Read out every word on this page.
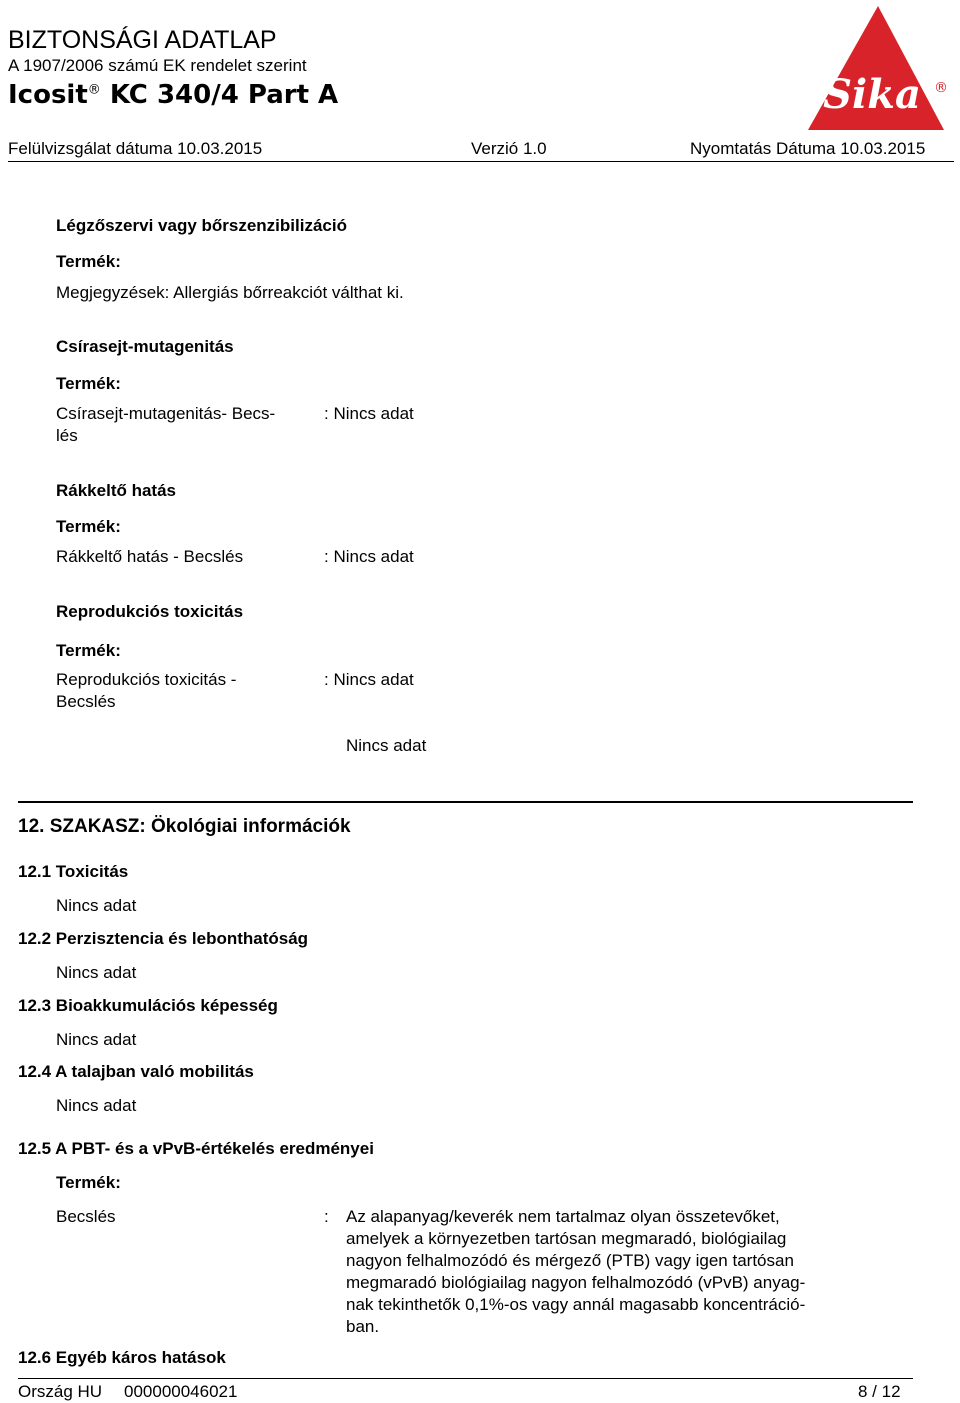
BIZTONSÁGI ADATLAP
A 1907/2006 számú EK rendelet szerint
Icosit® KC 340/4 Part A	Sika ®
Felülvizsgálat dátuma 10.03.2015	Verzió 1.0	Nyomtatás Dátuma 10.03.2015
Légzőszervi vagy bőrszenzibilizáció
Termék:
Megjegyzések: Allergiás bőrreakciót válthat ki.
Csírasejt-mutagenitás
Termék:
Csírasejt-mutagenitás- Becs-
lés
: Nincs adat
Rákkeltő hatás
Termék:
Rákkeltő hatás - Becslés	: Nincs adat
Reprodukciós toxicitás
Termék:
Reprodukciós toxicitás -
Becslés
: Nincs adat
Nincs adat
12. SZAKASZ: Ökológiai információk
12.1 Toxicitás
Nincs adat
12.2 Perzisztencia és lebonthatóság
Nincs adat
12.3 Bioakkumulációs képesség
Nincs adat
12.4 A talajban való mobilitás
Nincs adat
12.5 A PBT- és a vPvB-értékelés eredményei
Termék:
Becslés	: Az alapanyag/keverék nem tartalmaz olyan összetevőket,
amelyek a környezetben tartósan megmaradó, biológiailag
nagyon felhalmozódó és mérgező (PTB) vagy igen tartósan
megmaradó biológiailag nagyon felhalmozódó (vPvB) anyag-
nak tekinthetők 0,1%-os vagy annál magasabb koncentráció-
ban.
12.6 Egyéb káros hatások
Ország HU 000000046021	8 / 12
